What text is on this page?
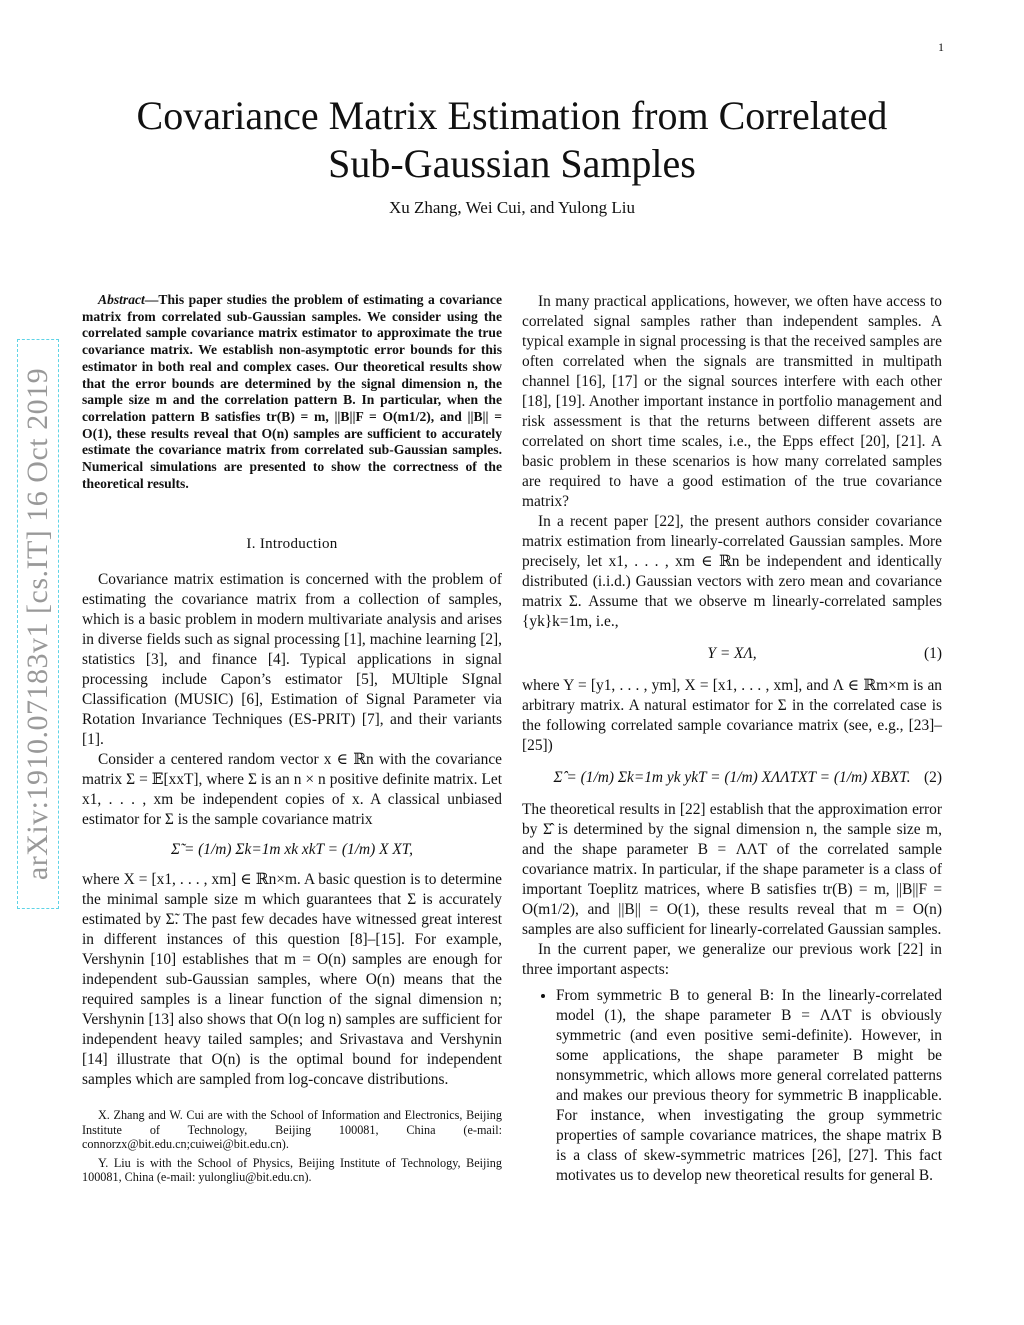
1
arXiv:1910.07183v1 [cs.IT] 16 Oct 2019
Covariance Matrix Estimation from Correlated
Sub-Gaussian Samples
Xu Zhang, Wei Cui, and Yulong Liu
Abstract—This paper studies the problem of estimating a covariance matrix from correlated sub-Gaussian samples. We consider using the correlated sample covariance matrix estimator to approximate the true covariance matrix. We establish non-asymptotic error bounds for this estimator in both real and complex cases. Our theoretical results show that the error bounds are determined by the signal dimension n, the sample size m and the correlation pattern B. In particular, when the correlation pattern B satisfies tr(B) = m, ||B||F = O(m1/2), and ||B|| = O(1), these results reveal that O(n) samples are sufficient to accurately estimate the covariance matrix from correlated sub-Gaussian samples. Numerical simulations are presented to show the correctness of the theoretical results.
I. Introduction

Covariance matrix estimation is concerned with the problem of estimating the covariance matrix from a collection of samples, which is a basic problem in modern multivariate analysis and arises in diverse fields such as signal processing [1], machine learning [2], statistics [3], and finance [4]. Typical applications in signal processing include Capon’s estimator [5], MUltiple SIgnal Classification (MUSIC) [6], Estimation of Signal Parameter via Rotation Invariance Techniques (ES-PRIT) [7], and their variants [1].

Consider a centered random vector x ∈ ℝn with the covariance matrix Σ = 𝔼[xxT], where Σ is an n × n positive definite matrix. Let x1, . . . , xm be independent copies of x. A classical unbiased estimator for Σ is the sample covariance matrix

Σ̃ = (1/m) Σk=1m xk xkT = (1/m) X XT,

where X = [x1, . . . , xm] ∈ ℝn×m. A basic question is to determine the minimal sample size m which guarantees that Σ is accurately estimated by Σ̃. The past few decades have witnessed great interest in different instances of this question [8]–[15]. For example, Vershynin [10] establishes that m = O(n) samples are enough for independent sub-Gaussian samples, where O(n) means that the required samples is a linear function of the signal dimension n; Vershynin [13] also shows that O(n log n) samples are sufficient for independent heavy tailed samples; and Srivastava and Vershynin [14] illustrate that O(n) is the optimal bound for independent samples which are sampled from log-concave distributions.

X. Zhang and W. Cui are with the School of Information and Electronics, Beijing Institute of Technology, Beijing 100081, China (e-mail: connorzx@bit.edu.cn;cuiwei@bit.edu.cn).
Y. Liu is with the School of Physics, Beijing Institute of Technology, Beijing 100081, China (e-mail: yulongliu@bit.edu.cn).

In many practical applications, however, we often have access to correlated signal samples rather than independent samples. A typical example in signal processing is that the received samples are often correlated when the signals are transmitted in multipath channel [16], [17] or the signal sources interfere with each other [18], [19]. Another important instance in portfolio management and risk assessment is that the returns between different assets are correlated on short time scales, i.e., the Epps effect [20], [21]. A basic problem in these scenarios is how many correlated samples are required to have a good estimation of the true covariance matrix?

In a recent paper [22], the present authors consider covariance matrix estimation from linearly-correlated Gaussian samples. More precisely, let x1, . . . , xm ∈ ℝn be independent and identically distributed (i.i.d.) Gaussian vectors with zero mean and covariance matrix Σ. Assume that we observe m linearly-correlated samples {yk}k=1m, i.e.,

Y = XΛ,	(1)

where Y = [y1, . . . , ym], X = [x1, . . . , xm], and Λ ∈ ℝm×m is an arbitrary matrix. A natural estimator for Σ in the correlated case is the following correlated sample covariance matrix (see, e.g., [23]–[25])

Σ̂ = (1/m) Σk=1m yk ykT = (1/m) XΛΛTXT = (1/m) XBXT. (2)

The theoretical results in [22] establish that the approximation error by Σ̂ is determined by the signal dimension n, the sample size m, and the shape parameter B = ΛΛT of the correlated sample covariance matrix. In particular, if the shape parameter is a class of important Toeplitz matrices, where B satisfies tr(B) = m, ||B||F = O(m1/2), and ||B|| = O(1), these results reveal that m = O(n) samples are also sufficient for linearly-correlated Gaussian samples.

In the current paper, we generalize our previous work [22] in three important aspects:

• From symmetric B to general B: In the linearly-correlated model (1), the shape parameter B = ΛΛT is obviously symmetric (and even positive semi-definite). However, in some applications, the shape parameter B might be nonsymmetric, which allows more general correlated patterns and makes our previous theory for symmetric B inapplicable. For instance, when investigating the group symmetric properties of sample covariance matrices, the shape matrix B is a class of skew-symmetric matrices [26], [27]. This fact motivates us to develop new theoretical results for general B.
